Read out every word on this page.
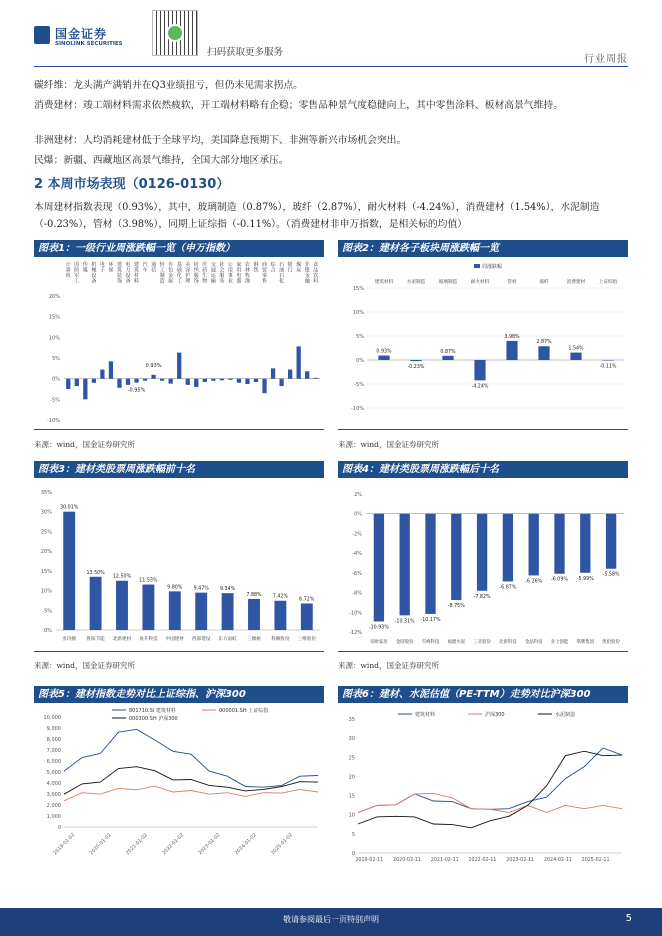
国金证券
SINOLINK SECURITIES
扫码获取更多服务
行业周报

碳纤维：龙头满产满销并在Q3业绩扭亏，但仍未见需求拐点。

消费建材：竣工端材料需求依然疲软，开工端材料略有企稳；零售品种景气度稳健向上，其中零售涂料、板材高景气维持。

非洲建材：人均消耗建材低于全球平均，美国降息预期下、非洲等新兴市场机会突出。

民爆：新疆、西藏地区高景气维持，全国大部分地区承压。

2 本周市场表现（0126-0130）

本周建材指数表现（0.93%），其中，玻璃制造（0.87%），玻纤（2.87%），耐火材料（-4.24%），消费建材（1.54%），水泥制造（-0.23%），管材（3.98%），同期上证综指（-0.11%）。（消费建材非申万指数，是相关标的均值）

图表1：一级行业周涨跌幅一览（申万指数）	图表2：建材各子板块周涨跌幅一览
来源：wind，国金证券研究所	来源：wind，国金证券研究所
图表3：建材类股票周涨跌幅前十名	图表4：建材类股票周涨跌幅后十名
来源：wind，国金证券研究所	来源：wind，国金证券研究所
图表5：建材指数走势对比上证综指、沪深300	图表6：建材、水泥估值（PE-TTM）走势对比沪深300
20%
15%
10%
5%
0%
-5%
-10%
计算机
国防军工
传媒
机械设备
电子
环保
建筑装饰
电力设备
建筑材料
汽车
通信
轻工制造
有色金属
基础化工
美容护理
纺织服饰
医药生物
交通运输
社会服务
公用事业
家用电器
农林牧渔
钢铁
商贸零售
综合
石油石化
银行
煤炭
非银金融
食品饮料
-0.95%
0.93%
15%
10%
5%
0%
-5%
-10%
建筑材料
0.93%
水泥制造
-0.23%
玻璃制造
0.87%
耐火材料
-4.24%
管材
3.98%
玻纤
2.87%
消费建材
1.54%
上证综指
-0.11%
周涨跌幅
35%
30%
25%
20%
15%
10%
5%
0%
亚玛顿
30.01%
鲁阳节能
13.50%
北新建材
12.50%
再升科技
11.53%
中国建材
9.80%
西部建设
9.47%
东方雨虹
9.34%
三棵树
7.88%
科顺股份
7.42%
三维股份
6.72%
2%
0%
-2%
-4%
-6%
-8%
-10%
-12%
帝欧家居
-10.93%
金圆股份
-10.31%
雪峰科技
-10.17%
福建水泥
-8.75%
三圣股份
-7.82%
北新科技
-6.87%
金晶科技
-6.26%
亚士创能
-6.09%
塔牌集团
-5.99%
凯伦股份
-5.58%
10,000
9,000
8,000
7,000
6,000
5,000
4,000
3,000
2,000
1,000
0
2019-01-02	2020-01-02	2021-01-02	2022-01-02	2023-01-02	2024-01-02	2025-01-02
801710.SI 建筑材料	000001.SH 上证综指
000300.SH 沪深300	35
30
25
20
15
10
5
0
2019-02-11 2020-02-11 2021-02-11 2022-02-11 2023-02-11 2024-02-11 2025-02-11
建筑材料	沪深300	水泥制造
敬请参阅最后一页特别声明	5
